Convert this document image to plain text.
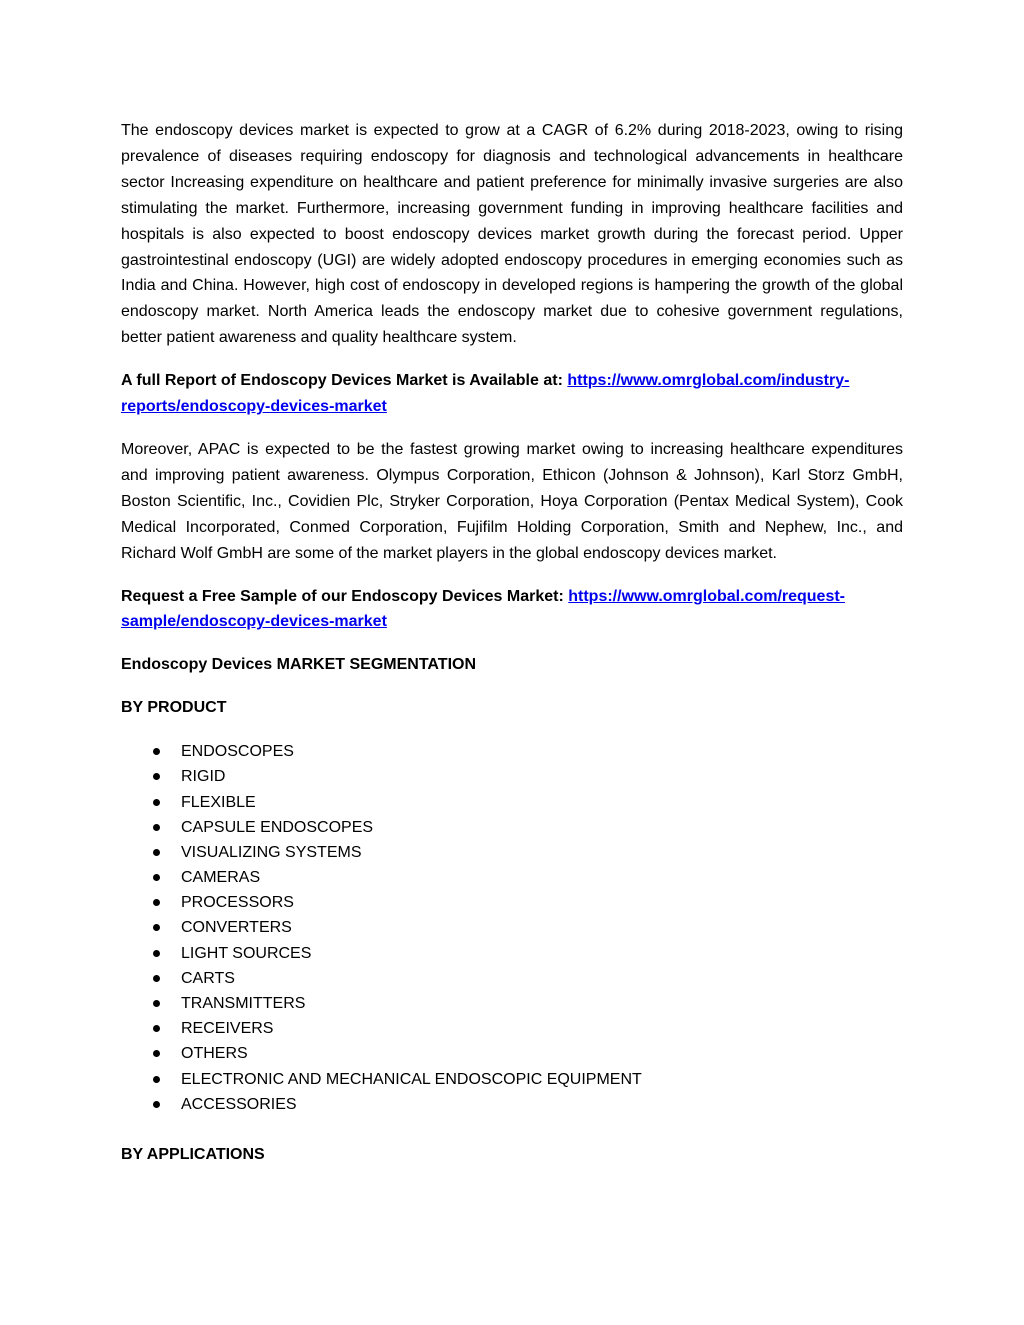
The endoscopy devices market is expected to grow at a CAGR of 6.2% during 2018-2023, owing to rising prevalence of diseases requiring endoscopy for diagnosis and technological advancements in healthcare sector Increasing expenditure on healthcare and patient preference for minimally invasive surgeries are also stimulating the market. Furthermore, increasing government funding in improving healthcare facilities and hospitals is also expected to boost endoscopy devices market growth during the forecast period. Upper gastrointestinal endoscopy (UGI) are widely adopted endoscopy procedures in emerging economies such as India and China. However, high cost of endoscopy in developed regions is hampering the growth of the global endoscopy market. North America leads the endoscopy market due to cohesive government regulations, better patient awareness and quality healthcare system.

A full Report of Endoscopy Devices Market is Available at: https://www.omrglobal.com/industry-reports/endoscopy-devices-market

Moreover, APAC is expected to be the fastest growing market owing to increasing healthcare expenditures and improving patient awareness. Olympus Corporation, Ethicon (Johnson & Johnson), Karl Storz GmbH, Boston Scientific, Inc., Covidien Plc, Stryker Corporation, Hoya Corporation (Pentax Medical System), Cook Medical Incorporated, Conmed Corporation, Fujifilm Holding Corporation, Smith and Nephew, Inc., and Richard Wolf GmbH are some of the market players in the global endoscopy devices market.

Request a Free Sample of our Endoscopy Devices Market: https://www.omrglobal.com/request-sample/endoscopy-devices-market

Endoscopy Devices MARKET SEGMENTATION

BY PRODUCT

ENDOSCOPES
RIGID
FLEXIBLE
CAPSULE ENDOSCOPES
VISUALIZING SYSTEMS
CAMERAS
PROCESSORS
CONVERTERS
LIGHT SOURCES
CARTS
TRANSMITTERS
RECEIVERS
OTHERS
ELECTRONIC AND MECHANICAL ENDOSCOPIC EQUIPMENT
ACCESSORIES

BY APPLICATIONS
